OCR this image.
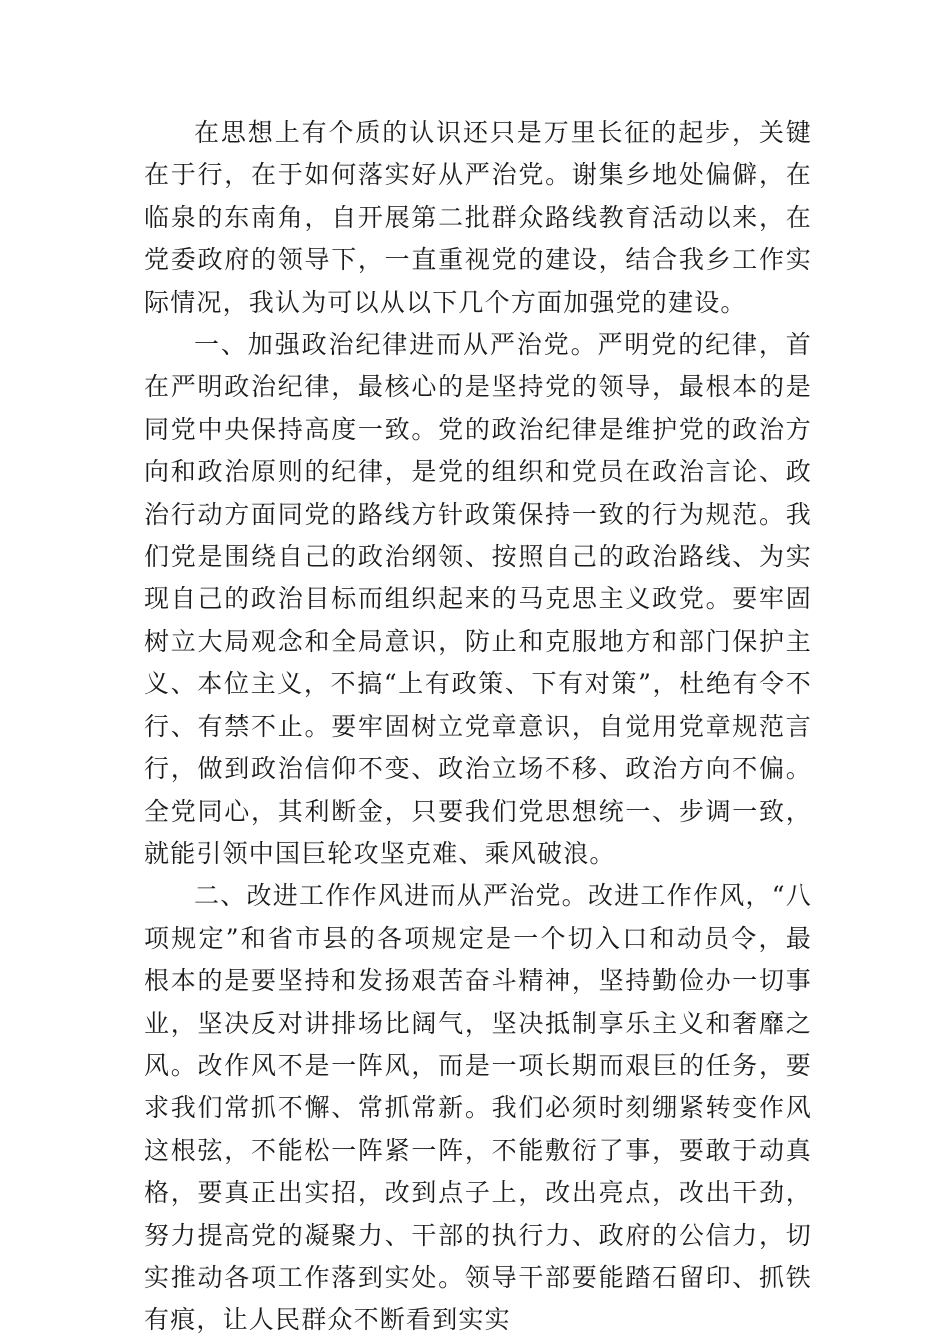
在思想上有个质的认识还只是万里长征的起步，关键在于行，在于如何落实好从严治党。谢集乡地处偏僻，在临泉的东南角，自开展第二批群众路线教育活动以来，在党委政府的领导下，一直重视党的建设，结合我乡工作实际情况，我认为可以从以下几个方面加强党的建设。

一、加强政治纪律进而从严治党。严明党的纪律，首在严明政治纪律，最核心的是坚持党的领导，最根本的是同党中央保持高度一致。党的政治纪律是维护党的政治方向和政治原则的纪律，是党的组织和党员在政治言论、政治行动方面同党的路线方针政策保持一致的行为规范。我们党是围绕自己的政治纲领、按照自己的政治路线、为实现自己的政治目标而组织起来的马克思主义政党。要牢固树立大局观念和全局意识，防止和克服地方和部门保护主义、本位主义，不搞“上有政策、下有对策”，杜绝有令不行、有禁不止。要牢固树立党章意识，自觉用党章规范言行，做到政治信仰不变、政治立场不移、政治方向不偏。全党同心，其利断金，只要我们党思想统一、步调一致，就能引领中国巨轮攻坚克难、乘风破浪。

二、改进工作作风进而从严治党。改进工作作风，“八项规定”和省市县的各项规定是一个切入口和动员令，最根本的是要坚持和发扬艰苦奋斗精神，坚持勤俭办一切事业，坚决反对讲排场比阔气，坚决抵制享乐主义和奢靡之风。改作风不是一阵风，而是一项长期而艰巨的任务，要求我们常抓不懈、常抓常新。我们必须时刻绷紧转变作风这根弦，不能松一阵紧一阵，不能敷衍了事，要敢于动真格，要真正出实招，改到点子上，改出亮点，改出干劲，努力提高党的凝聚力、干部的执行力、政府的公信力，切实推动各项工作落到实处。领导干部要能踏石留印、抓铁有痕，让人民群众不断看到实实
